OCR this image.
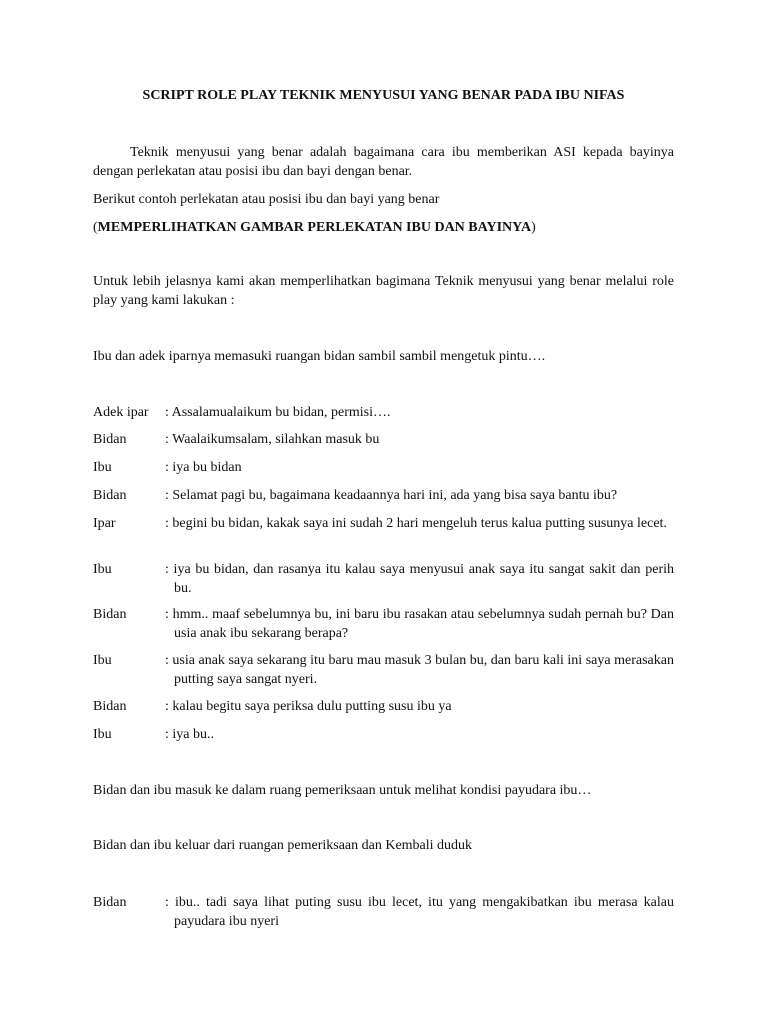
SCRIPT ROLE PLAY TEKNIK MENYUSUI YANG BENAR PADA IBU NIFAS

Teknik menyusui yang benar adalah bagaimana cara ibu memberikan ASI kepada bayinya dengan perlekatan atau posisi ibu dan bayi dengan benar.

Berikut contoh perlekatan atau posisi ibu dan bayi yang benar

(MEMPERLIHATKAN GAMBAR PERLEKATAN IBU DAN BAYINYA)

Untuk lebih jelasnya kami akan memperlihatkan bagimana Teknik menyusui yang benar melalui role play yang kami lakukan :

Ibu dan adek iparnya memasuki ruangan bidan sambil sambil mengetuk pintu….

Adek ipar	: Assalamualaikum bu bidan, permisi….
Bidan	: Waalaikumsalam, silahkan masuk bu
Ibu	: iya bu bidan
Bidan	: Selamat pagi bu, bagaimana keadaannya hari ini, ada yang bisa saya bantu ibu?
Ipar	: begini bu bidan, kakak saya ini sudah 2 hari mengeluh terus kalua putting susunya lecet.
Ibu	: iya bu bidan, dan rasanya itu kalau saya menyusui anak saya itu sangat sakit dan perih bu.
Bidan	: hmm.. maaf sebelumnya bu, ini baru ibu rasakan atau sebelumnya sudah pernah bu? Dan usia anak ibu sekarang berapa?
Ibu	: usia anak saya sekarang itu baru mau masuk 3 bulan bu, dan baru kali ini saya merasakan putting saya sangat nyeri.
Bidan	: kalau begitu saya periksa dulu putting susu ibu ya
Ibu	: iya bu..

Bidan dan ibu masuk ke dalam ruang pemeriksaan untuk melihat kondisi payudara ibu…

Bidan dan ibu keluar dari ruangan pemeriksaan dan Kembali duduk

Bidan	: ibu.. tadi saya lihat puting susu ibu lecet, itu yang mengakibatkan ibu merasa kalau payudara ibu nyeri
